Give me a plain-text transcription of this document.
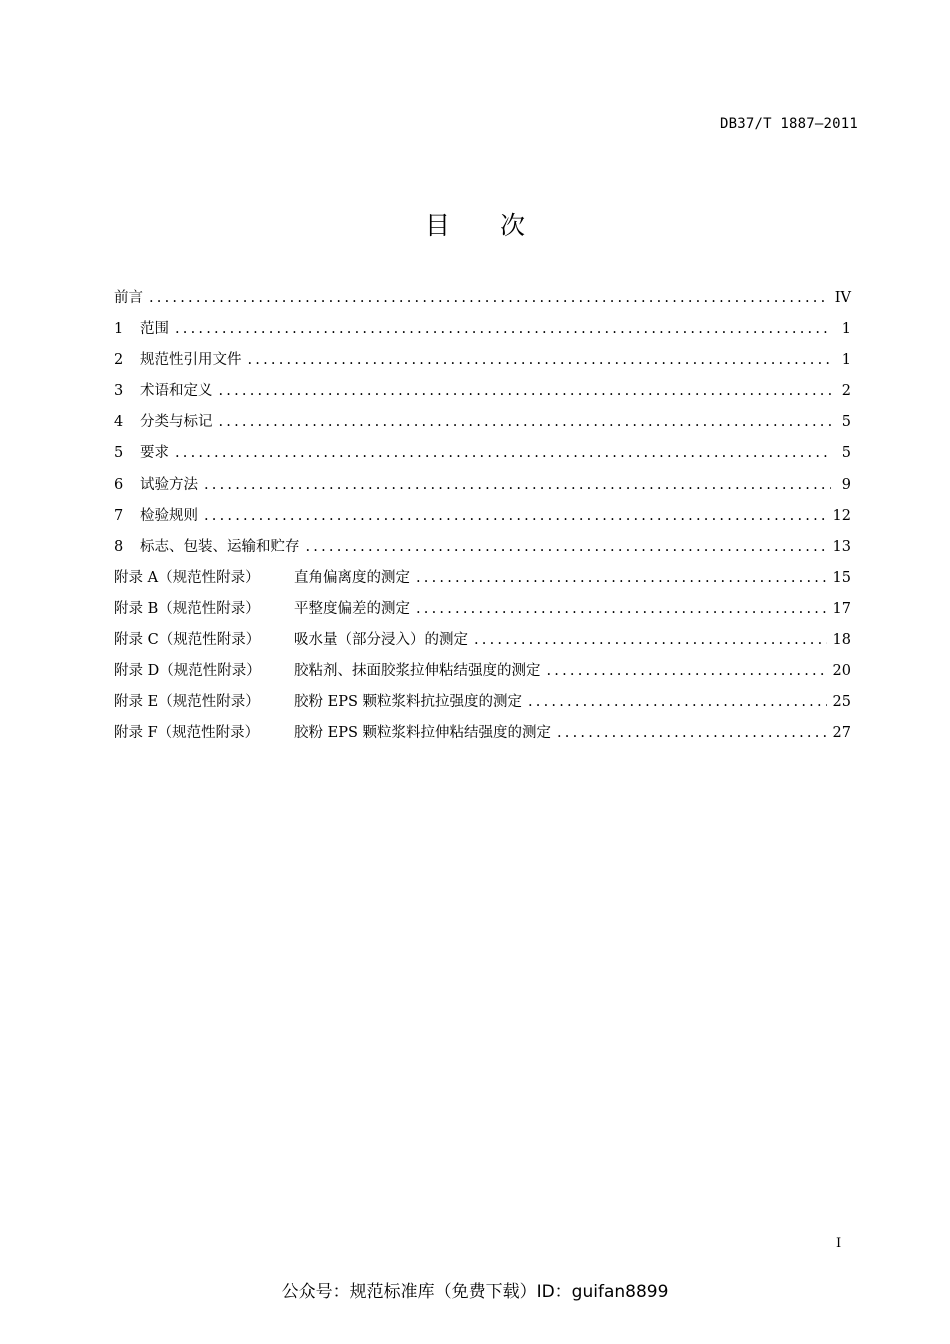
DB37/T 1887—2011
目次
前言 .....	IV
1	范围 .....	1
2	规范性引用文件 .....	1
3	术语和定义 .....	2
4	分类与标记 .....	5
5	要求 .....	5
6	试验方法 .....	9
7	检验规则 .....	12
8	标志、包装、运输和贮存 .....	13
附录 A（规范性附录）	直角偏离度的测定 .....	15
附录 B（规范性附录）	平整度偏差的测定 .....	17
附录 C（规范性附录）	吸水量（部分浸入）的测定 .....	18
附录 D（规范性附录）	胶粘剂、抹面胶浆拉伸粘结强度的测定 .....	20
附录 E（规范性附录）	胶粉 EPS 颗粒浆料抗拉强度的测定 .....	25
附录 F（规范性附录）	胶粉 EPS 颗粒浆料拉伸粘结强度的测定 .....	27
I
公众号：规范标准库（免费下载）ID：guifan8899
